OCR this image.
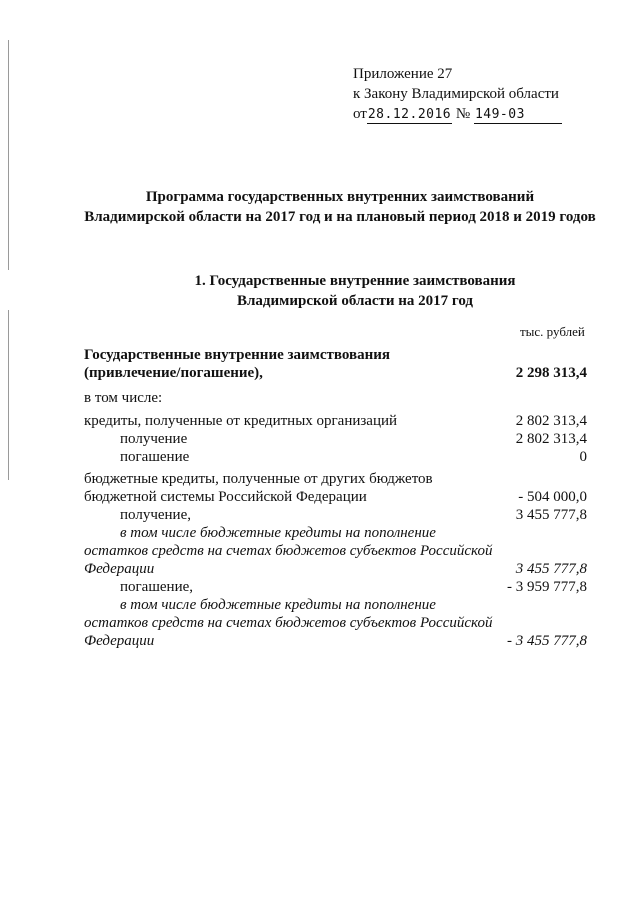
Приложение 27
к Закону Владимирской области
от28.12.2016 № 149-03
Программа государственных внутренних заимствований
Владимирской области на 2017 год и на плановый период 2018 и 2019 годов
1. Государственные внутренние заимствования
Владимирской области на 2017 год
тыс. рублей
Государственные внутренние заимствования
(привлечение/погашение),	2 298 313,4
в том числе:
кредиты, полученные от кредитных организаций	2 802 313,4
получение	2 802 313,4
погашение	0
бюджетные кредиты, полученные от других бюджетов
бюджетной системы Российской Федерации	- 504 000,0
получение,	3 455 777,8
в том числе бюджетные кредиты на пополнение
остатков средств на счетах бюджетов субъектов Российской
Федерации	3 455 777,8
погашение,	- 3 959 777,8
в том числе бюджетные кредиты на пополнение
остатков средств на счетах бюджетов субъектов Российской
Федерации	- 3 455 777,8
